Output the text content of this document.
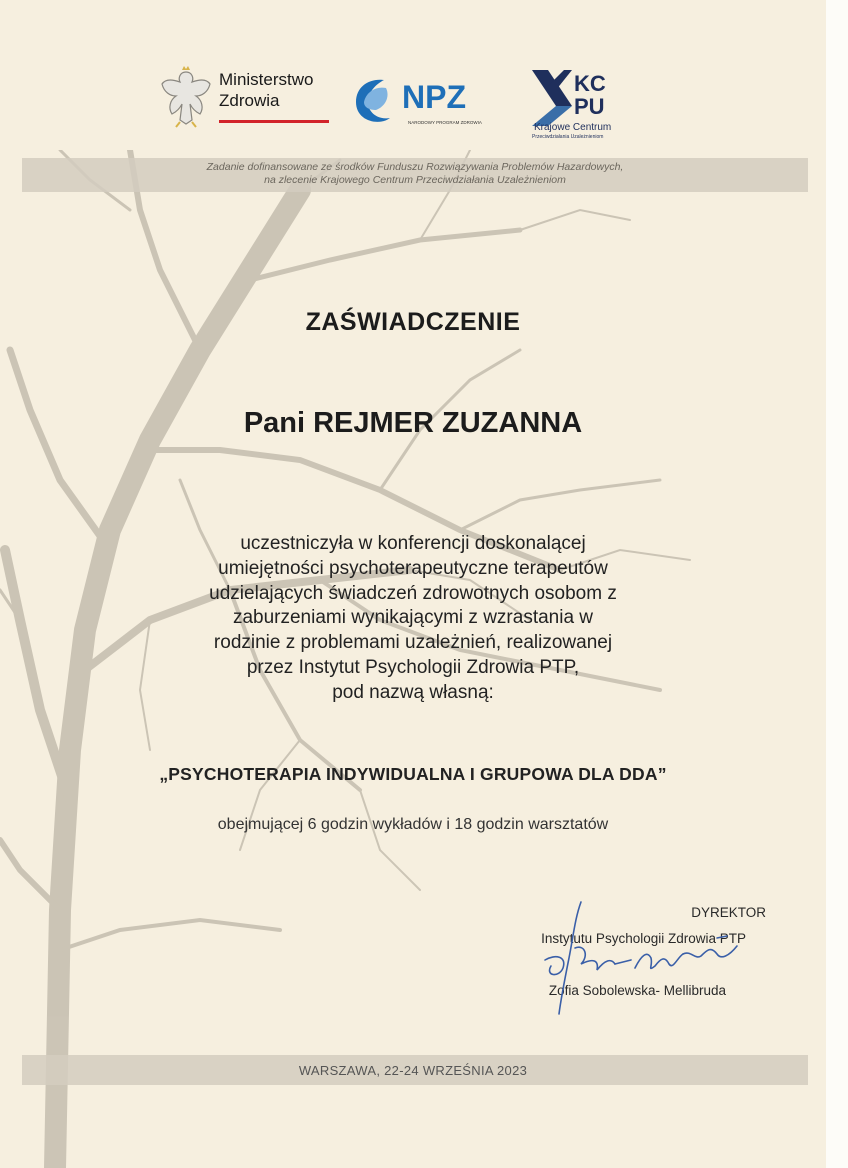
Ministerstwo
Zdrowia	NPZ
NARODOWY PROGRAM ZDROWIA
KC
PU
Krajowe Centrum
Przeciwdziałania Uzależnieniom
Zadanie dofinansowane ze środków Funduszu Rozwiązywania Problemów Hazardowych,
na zlecenie Krajowego Centrum Przeciwdziałania Uzależnieniom
ZAŚWIADCZENIE
Pani REJMER ZUZANNA
uczestniczyła w konferencji doskonalącej
umiejętności psychoterapeutyczne terapeutów
udzielających świadczeń zdrowotnych osobom z
zaburzeniami wynikającymi z wzrastania w
rodzinie z problemami uzależnień, realizowanej
przez Instytut Psychologii Zdrowia PTP,
pod nazwą własną:
„PSYCHOTERAPIA INDYWIDUALNA I GRUPOWA DLA DDA”
obejmującej 6 godzin wykładów i 18 godzin warsztatów
DYREKTOR
Instytutu Psychologii Zdrowia PTP
Zofia Sobolewska- Mellibruda
WARSZAWA, 22-24 WRZEŚNIA 2023
